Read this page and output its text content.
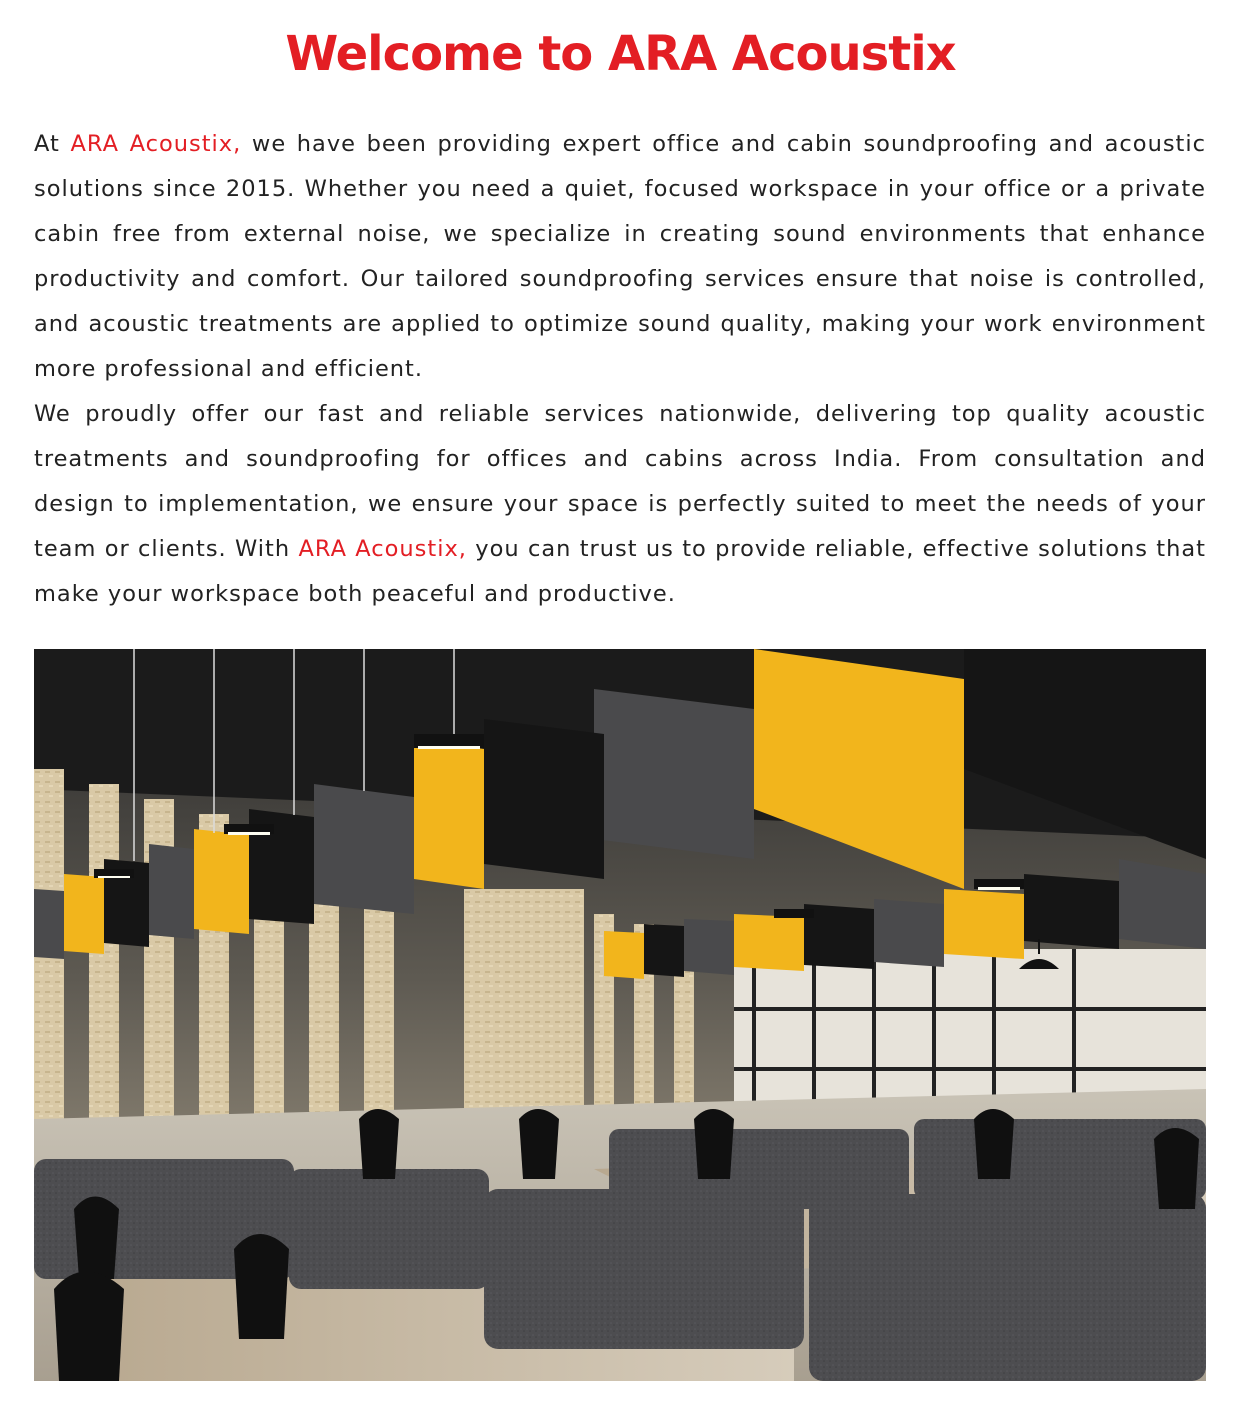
Welcome to ARA Acoustix

At ARA Acoustix, we have been providing expert office and cabin soundproofing and acoustic solutions since 2015. Whether you need a quiet, focused workspace in your office or a private cabin free from external noise, we specialize in creating sound environments that enhance productivity and comfort. Our tailored soundproofing services ensure that noise is controlled, and acoustic treatments are applied to optimize sound quality, making your work environment more professional and efficient.

We proudly offer our fast and reliable services nationwide, delivering top quality acoustic treatments and soundproofing for offices and cabins across India. From consultation and design to implementation, we ensure your space is perfectly suited to meet the needs of your team or clients. With ARA Acoustix, you can trust us to provide reliable, effective solutions that make your workspace both peaceful and productive.
